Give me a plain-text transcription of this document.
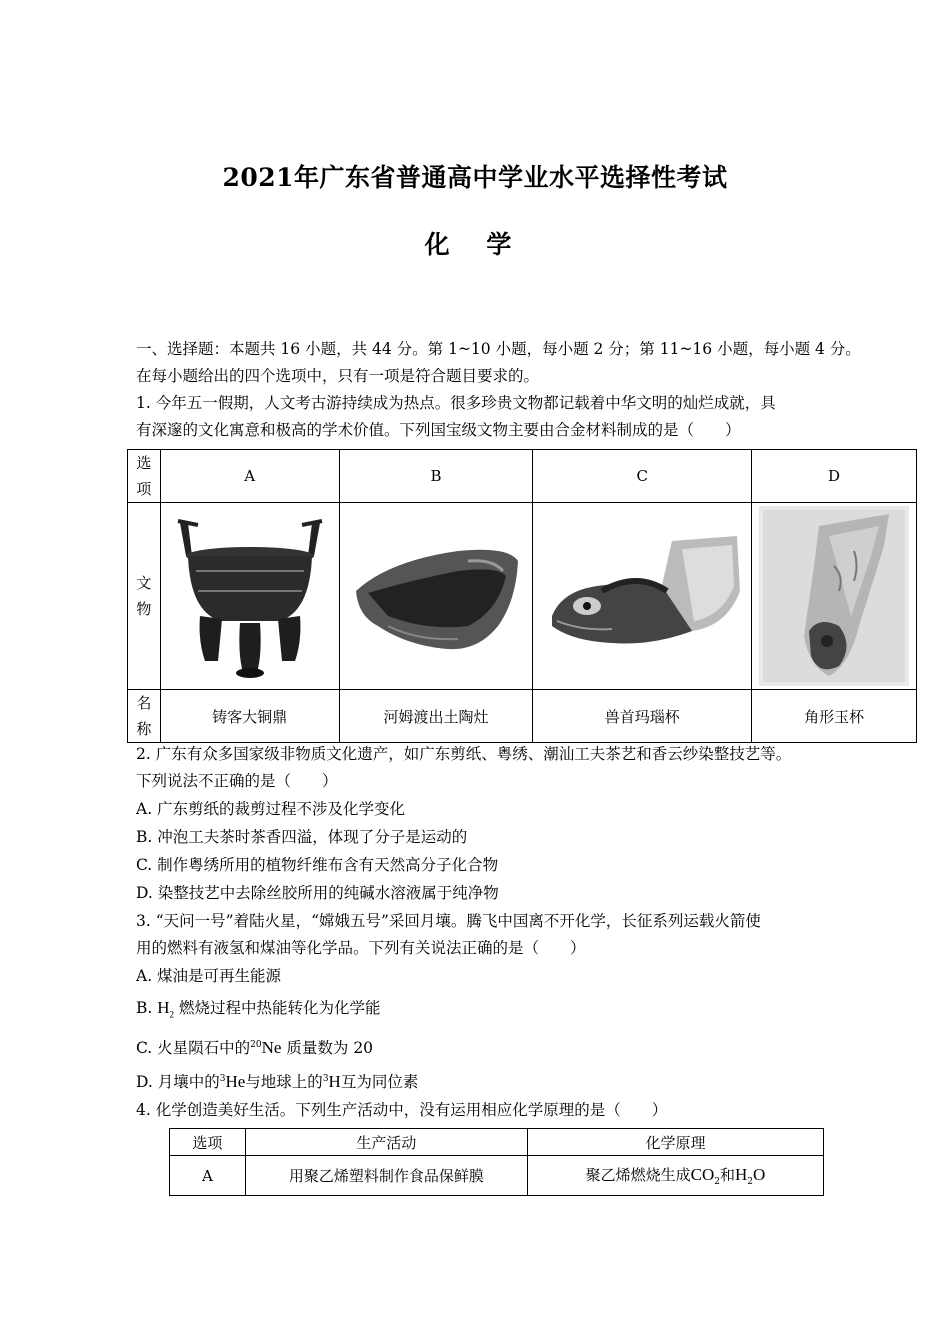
2021年广东省普通高中学业水平选择性考试
化 学
一、选择题：本题共 16 小题，共 44 分。第 1~10 小题，每小题 2 分；第 11~16 小题，每小题 4 分。
在每小题给出的四个选项中，只有一项是符合题目要求的。
1. 今年五一假期，人文考古游持续成为热点。很多珍贵文物都记载着中华文明的灿烂成就，具
有深邃的文化寓意和极高的学术价值。下列国宝级文物主要由合金材料制成的是（　　）
选
项	A	B	C	D
文
物	

名
称	铸客大铜鼎	河姆渡出土陶灶	兽首玛瑙杯	角形玉杯
2. 广东有众多国家级非物质文化遗产，如广东剪纸、粤绣、潮汕工夫茶艺和香云纱染整技艺等。
下列说法不正确的是（　　）
A. 广东剪纸的裁剪过程不涉及化学变化
B. 冲泡工夫茶时茶香四溢，体现了分子是运动的
C. 制作粤绣所用的植物纤维布含有天然高分子化合物
D. 染整技艺中去除丝胶所用的纯碱水溶液属于纯净物
3. “天问一号”着陆火星，“嫦娥五号”采回月壤。腾飞中国离不开化学，长征系列运载火箭使
用的燃料有液氢和煤油等化学品。下列有关说法正确的是（　　）
A. 煤油是可再生能源
B. $H_2$ 燃烧过程中热能转化为化学能
C. 火星陨石中的$^{20}$Ne 质量数为 20
D. 月壤中的$^3$He与地球上的$^3$H互为同位素
4. 化学创造美好生活。下列生产活动中，没有运用相应化学原理的是（　　）
选项	生产活动	化学原理
A	用聚乙烯塑料制作食品保鲜膜	聚乙烯燃烧生成$CO_2$和$H_2O$
